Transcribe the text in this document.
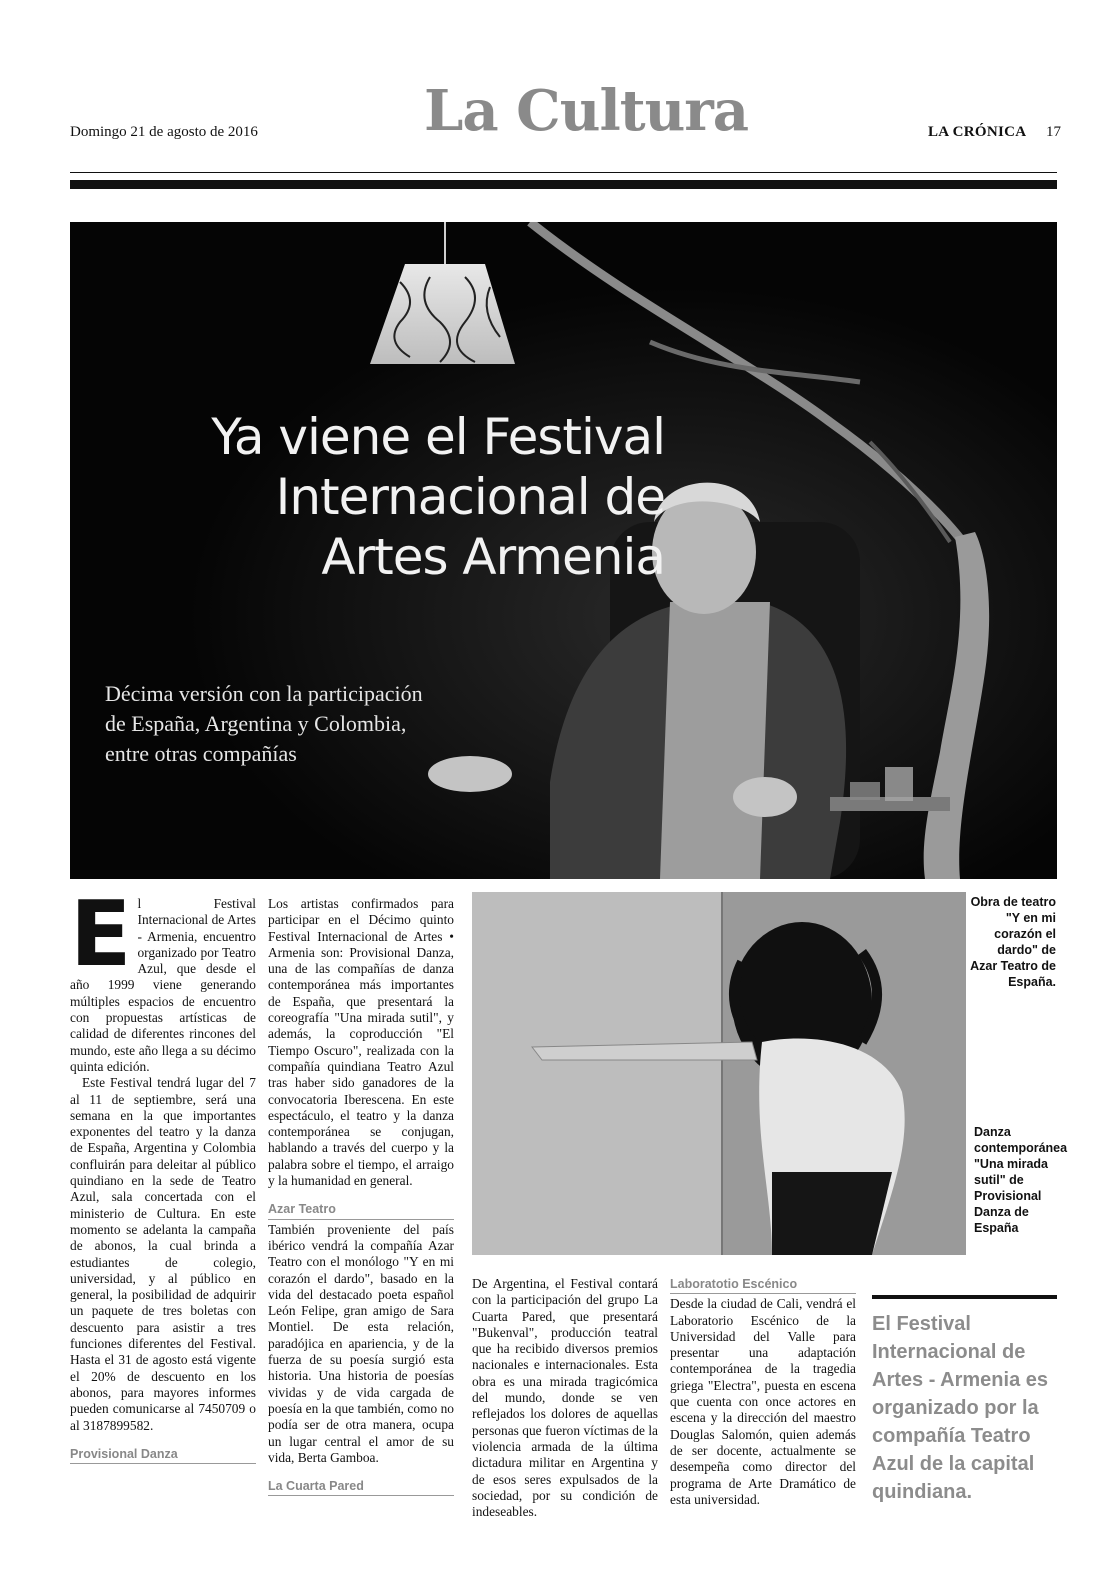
Domingo 21 de agosto de 2016	La Cultura	LA CRÓNICA 17
Ya viene el Festival
Internacional de
Artes Armenia
Décima versión con la participación
de España, Argentina y Colombia,
entre otras compañías
E l Festival Internacional de Artes - Armenia, encuentro organizado por Teatro Azul, que desde el año 1999 viene generando múltiples espacios de encuentro con propuestas artísticas de calidad de diferentes rincones del mundo, este año llega a su décimo quinta edición.

Este Festival tendrá lugar del 7 al 11 de septiembre, será una semana en la que importantes exponentes del teatro y la danza de España, Argentina y Colombia confluirán para deleitar al público quindiano en la sede de Teatro Azul, sala concertada con el ministerio de Cultura. En este momento se adelanta la campaña de abonos, la cual brinda a estudiantes de colegio, universidad, y al público en general, la posibilidad de adquirir un paquete de tres boletas con descuento para asistir a tres funciones diferentes del Festival. Hasta el 31 de agosto está vigente el 20% de descuento en los abonos, para mayores informes pueden comunicarse al 7450709 o al 3187899582.

Provisional Danza

Los artistas confirmados para participar en el Décimo quinto Festival Internacional de Artes • Armenia son: Provisional Danza, una de las compañías de danza contemporánea más importantes de España, que presentará la coreografía "Una mirada sutil", y además, la coproducción "El Tiempo Oscuro", realizada con la compañía quindiana Teatro Azul tras haber sido ganadores de la convocatoria Iberescena. En este espectáculo, el teatro y la danza contemporánea se conjugan, hablando a través del cuerpo y la palabra sobre el tiempo, el arraigo y la humanidad en general.

Azar Teatro

También proveniente del país ibérico vendrá la compañía Azar Teatro con el monólogo "Y en mi corazón el dardo", basado en la vida del destacado poeta español León Felipe, gran amigo de Sara Montiel. De esta relación, paradójica en apariencia, y de la fuerza de su poesía surgió esta historia. Una historia de poesías vividas y de vida cargada de poesía en la que también, como no podía ser de otra manera, ocupa un lugar central el amor de su vida, Berta Gamboa.

La Cuarta Pared
Obra de teatro "Y en mi corazón el dardo" de Azar Teatro de España.
Danza contemporánea "Una mirada sutil" de Provisional Danza de España

De Argentina, el Festival contará con la participación del grupo La Cuarta Pared, que presentará "Bukenval", producción teatral que ha recibido diversos premios nacionales e internacionales. Esta obra es una mirada tragicómica del mundo, donde se ven reflejados los dolores de aquellas personas que fueron víctimas de la violencia armada de la última dictadura militar en Argentina y de esos seres expulsados de la sociedad, por su condición de indeseables.

Laboratotio Escénico

Desde la ciudad de Cali, vendrá el Laboratorio Escénico de la Universidad del Valle para presentar una adaptación contemporánea de la tragedia griega "Electra", puesta en escena que cuenta con once actores en escena y la dirección del maestro Douglas Salomón, quien además de ser docente, actualmente se desempeña como director del programa de Arte Dramático de esta universidad.

El Festival Internacional de Artes - Armenia es organizado por la compañía Teatro Azul de la capital quindiana.
